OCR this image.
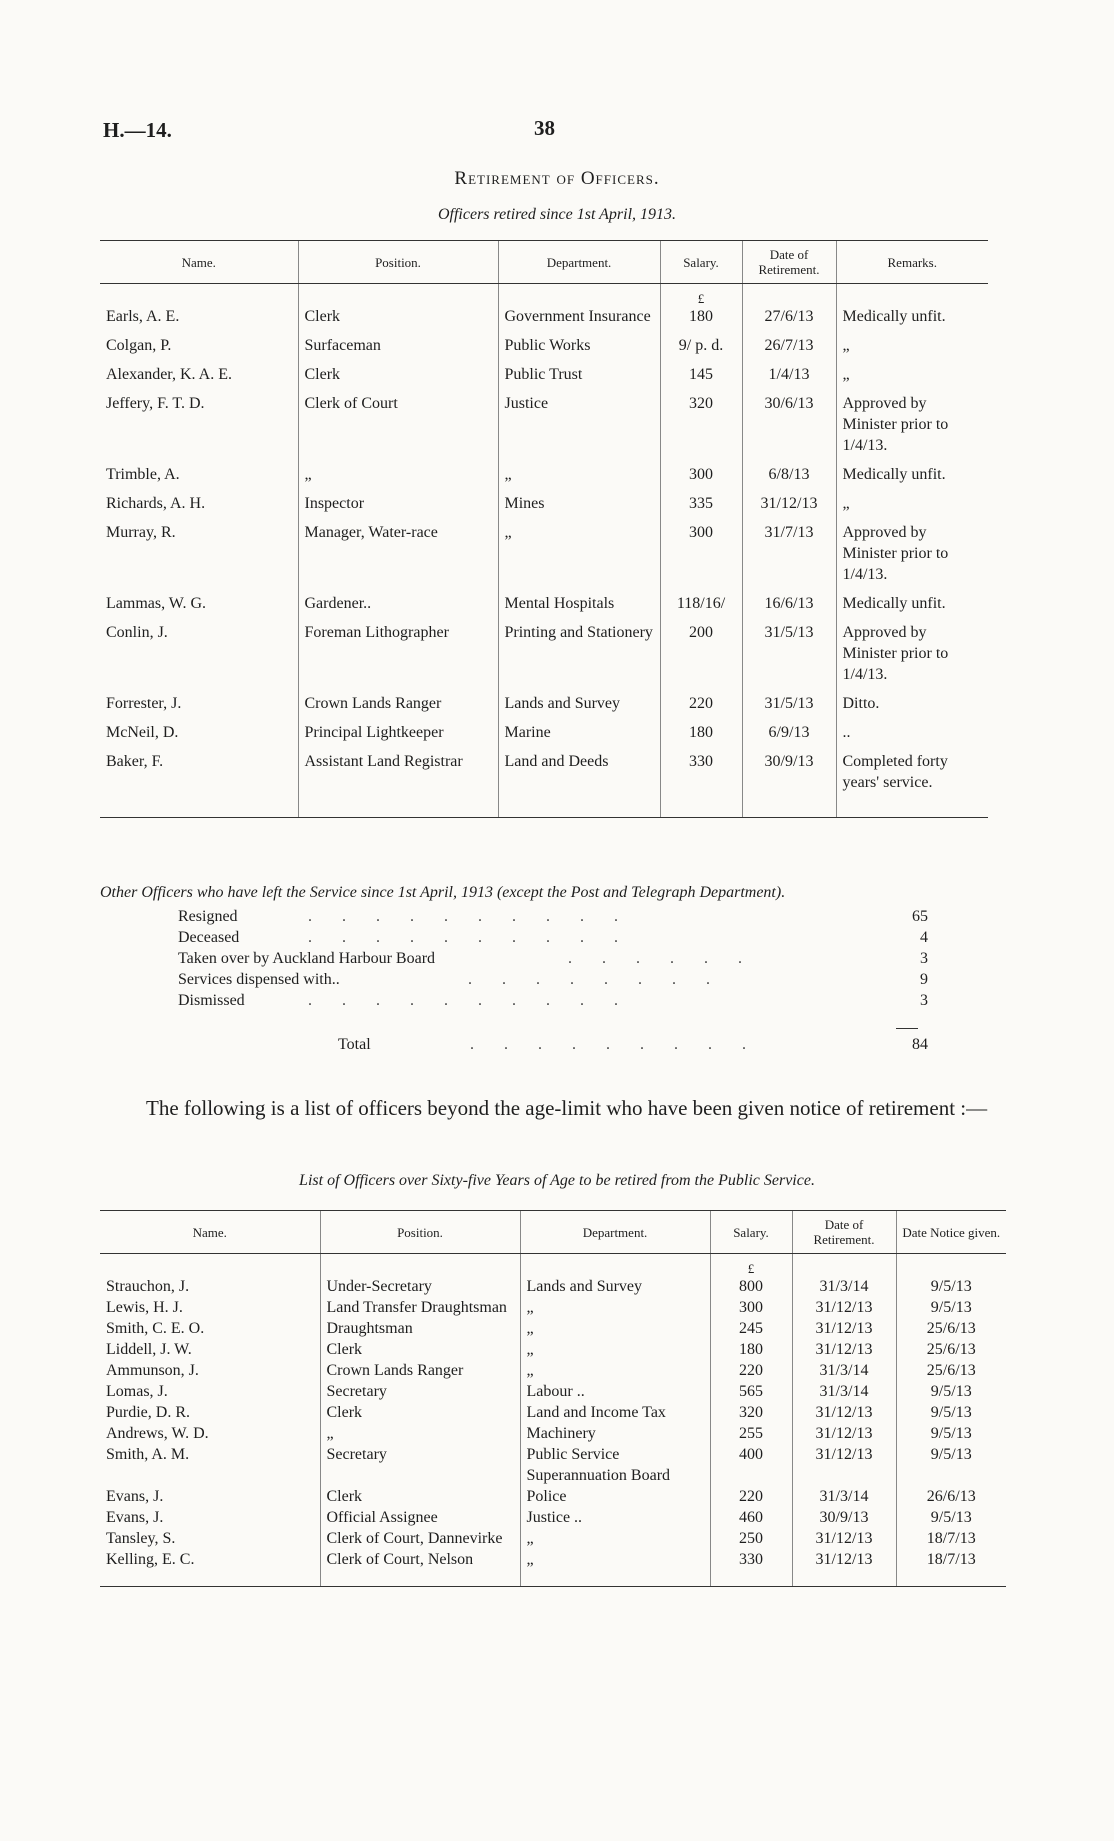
H.—14.	38
Retirement of Officers.
Officers retired since 1st April, 1913.
Name.	Position.	Department.	Salary.	Date of Retirement.	Remarks.
			£		
Earls, A. E.	Clerk	Government Insurance	180	27/6/13	Medically unfit.

Colgan, P.	Surfaceman	Public Works	9/ p. d.	26/7/13	„

Alexander, K. A. E.	Clerk	Public Trust	145	1/4/13	„

Jeffery, F. T. D.	Clerk of Court	Justice	320	30/6/13	Approved by Minister prior to 1/4/13.

Trimble, A.	„	„	300	6/8/13	Medically unfit.

Richards, A. H.	Inspector	Mines	335	31/12/13	„

Murray, R.	Manager, Water-race	„	300	31/7/13	Approved by Minister prior to 1/4/13.

Lammas, W. G.	Gardener..	Mental Hospitals	118/16/	16/6/13	Medically unfit.

Conlin, J.	Foreman Lithographer	Printing and Stationery	200	31/5/13	Approved by Minister prior to 1/4/13.

Forrester, J.	Crown Lands Ranger	Lands and Survey	220	31/5/13	Ditto.

McNeil, D.	Principal Lightkeeper	Marine	180	6/9/13	..

Baker, F.	Assistant Land Registrar	Land and Deeds	330	30/9/13	Completed forty years' service.

Other Officers who have left the Service since 1st April, 1913 (except the Post and Telegraph Department).
Resigned	..........	65
Deceased	..........	4
Taken over by Auckland Harbour Board	......	3
Services dispensed with..	........	9
Dismissed	..........	3
Total	.........	84
The following is a list of officers beyond the age-limit who have been given notice of retirement :—
List of Officers over Sixty-five Years of Age to be retired from the Public Service.
Name.	Position.	Department.	Salary.	Date of Retirement.	Date Notice given.
			£		
Strauchon, J.	Under-Secretary	Lands and Survey	800	31/3/14	9/5/13
Lewis, H. J.	Land Transfer Draughtsman	„	300	31/12/13	9/5/13
Smith, C. E. O.	Draughtsman	„	245	31/12/13	25/6/13
Liddell, J. W.	Clerk	„	180	31/12/13	25/6/13
Ammunson, J.	Crown Lands Ranger	„	220	31/3/14	25/6/13
Lomas, J.	Secretary	Labour ..	565	31/3/14	9/5/13
Purdie, D. R.	Clerk	Land and Income Tax	320	31/12/13	9/5/13
Andrews, W. D.	„	Machinery	255	31/12/13	9/5/13
Smith, A. M.	Secretary	Public Service Superannuation Board	400	31/12/13	9/5/13
Evans, J.	Clerk	Police	220	31/3/14	26/6/13
Evans, J.	Official Assignee	Justice ..	460	30/9/13	9/5/13
Tansley, S.	Clerk of Court, Dannevirke	„	250	31/12/13	18/7/13
Kelling, E. C.	Clerk of Court, Nelson	„	330	31/12/13	18/7/13
